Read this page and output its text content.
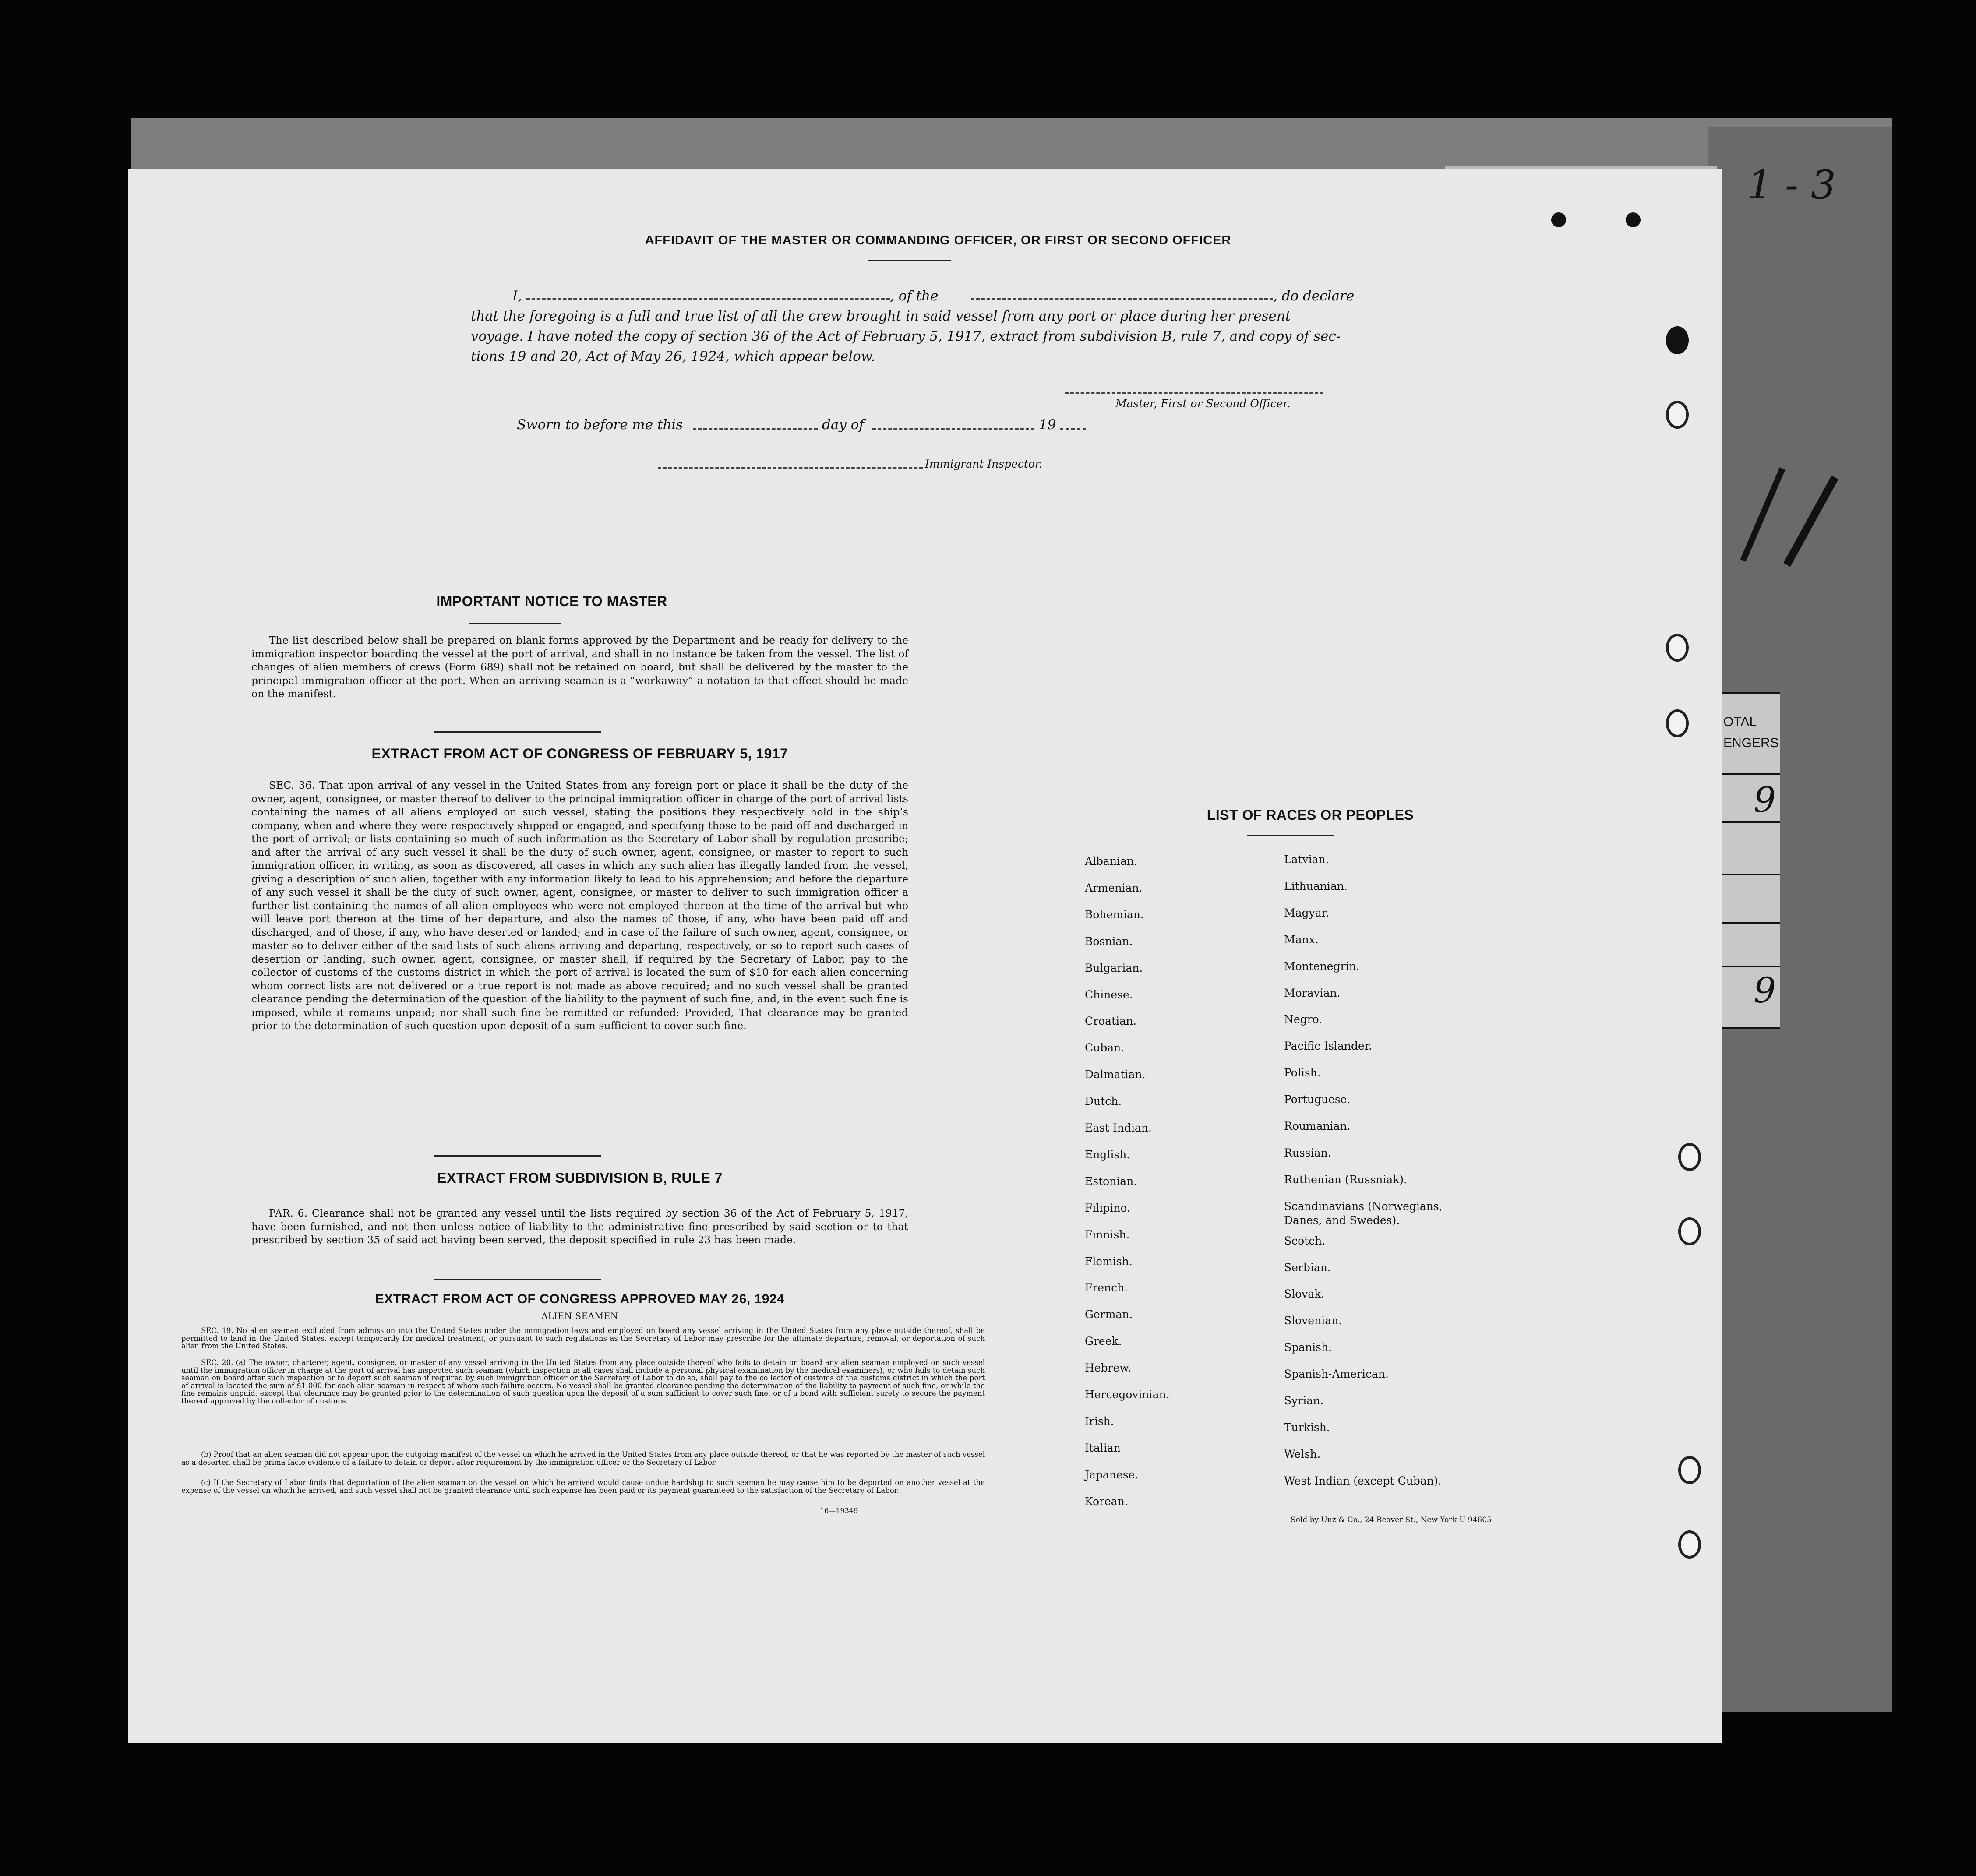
1 - 3
OTAL
ENGERS
9
9
AFFIDAVIT OF THE MASTER OR COMMANDING OFFICER, OR FIRST OR SECOND OFFICER
I,	, of the	, do declare
that the foregoing is a full and true list of all the crew brought in said vessel from any port or place during her present
voyage. I have noted the copy of section 36 of the Act of February 5, 1917, extract from subdivision B, rule 7, and copy of sec-
tions 19 and 20, Act of May 26, 1924, which appear below.
Master, First or Second Officer.
Sworn to before me this	day of	19
Immigrant Inspector.
IMPORTANT NOTICE TO MASTER
The list described below shall be prepared on blank forms approved by the Department and be ready for delivery to the immigration inspector boarding the vessel at the port of arrival, and shall in no instance be taken from the vessel. The list of changes of alien members of crews (Form 689) shall not be retained on board, but shall be delivered by the master to the principal immigration officer at the port. When an arriving seaman is a “workaway” a notation to that effect should be made on the manifest.
EXTRACT FROM ACT OF CONGRESS OF FEBRUARY 5, 1917
SEC. 36. That upon arrival of any vessel in the United States from any foreign port or place it shall be the duty of the owner, agent, consignee, or master thereof to deliver to the principal immigration officer in charge of the port of arrival lists containing the names of all aliens employed on such vessel, stating the positions they respectively hold in the ship’s company, when and where they were respectively shipped or engaged, and specifying those to be paid off and discharged in the port of arrival; or lists containing so much of such information as the Secretary of Labor shall by regulation prescribe; and after the arrival of any such vessel it shall be the duty of such owner, agent, consignee, or master to report to such immigration officer, in writing, as soon as discovered, all cases in which any such alien has illegally landed from the vessel, giving a description of such alien, together with any information likely to lead to his apprehension; and before the departure of any such vessel it shall be the duty of such owner, agent, consignee, or master to deliver to such immigration officer a further list containing the names of all alien employees who were not employed thereon at the time of the arrival but who will leave port thereon at the time of her departure, and also the names of those, if any, who have been paid off and discharged, and of those, if any, who have deserted or landed; and in case of the failure of such owner, agent, consignee, or master so to deliver either of the said lists of such aliens arriving and departing, respectively, or so to report such cases of desertion or landing, such owner, agent, consignee, or master shall, if required by the Secretary of Labor, pay to the collector of customs of the customs district in which the port of arrival is located the sum of $10 for each alien concerning whom correct lists are not delivered or a true report is not made as above required; and no such vessel shall be granted clearance pending the determination of the question of the liability to the payment of such fine, and, in the event such fine is imposed, while it remains unpaid; nor shall such fine be remitted or refunded: Provided, That clearance may be granted prior to the determination of such question upon deposit of a sum sufficient to cover such fine.
EXTRACT FROM SUBDIVISION B, RULE 7
PAR. 6. Clearance shall not be granted any vessel until the lists required by section 36 of the Act of February 5, 1917, have been furnished, and not then unless notice of liability to the administrative fine prescribed by said section or to that prescribed by section 35 of said act having been served, the deposit specified in rule 23 has been made.
EXTRACT FROM ACT OF CONGRESS APPROVED MAY 26, 1924
ALIEN SEAMEN
SEC. 19. No alien seaman excluded from admission into the United States under the immigration laws and employed on board any vessel arriving in the United States from any place outside thereof, shall be permitted to land in the United States, except temporarily for medical treatment, or pursuant to such regulations as the Secretary of Labor may prescribe for the ultimate departure, removal, or deportation of such alien from the United States.
SEC. 20. (a) The owner, charterer, agent, consignee, or master of any vessel arriving in the United States from any place outside thereof who fails to detain on board any alien seaman employed on such vessel until the immigration officer in charge at the port of arrival has inspected such seaman (which inspection in all cases shall include a personal physical examination by the medical examiners), or who fails to detain such seaman on board after such inspection or to deport such seaman if required by such immigration officer or the Secretary of Labor to do so, shall pay to the collector of customs of the customs district in which the port of arrival is located the sum of $1,000 for each alien seaman in respect of whom such failure occurs. No vessel shall be granted clearance pending the determination of the liability to payment of such fine, or while the fine remains unpaid, except that clearance may be granted prior to the determination of such question upon the deposit of a sum sufficient to cover such fine, or of a bond with sufficient surety to secure the payment thereof approved by the collector of customs.
(b) Proof that an alien seaman did not appear upon the outgoing manifest of the vessel on which he arrived in the United States from any place outside thereof, or that he was reported by the master of such vessel as a deserter, shall be prima facie evidence of a failure to detain or deport after requirement by the immigration officer or the Secretary of Labor.
(c) If the Secretary of Labor finds that deportation of the alien seaman on the vessel on which he arrived would cause undue hardship to such seaman he may cause him to be deported on another vessel at the expense of the vessel on which he arrived, and such vessel shall not be granted clearance until such expense has been paid or its payment guaranteed to the satisfaction of the Secretary of Labor.
16—19349
LIST OF RACES OR PEOPLES
Sold by Unz & Co., 24 Beaver St., New York U 94605
Albanian.
Armenian.
Bohemian.
Bosnian.
Bulgarian.
Chinese.
Croatian.
Cuban.
Dalmatian.
Dutch.
East Indian.
English.
Estonian.
Filipino.
Finnish.
Flemish.
French.
German.
Greek.
Hebrew.
Hercegovinian.
Irish.
Italian
Japanese.
Korean.
Latvian.
Lithuanian.
Magyar.
Manx.
Montenegrin.
Moravian.
Negro.
Pacific Islander.
Polish.
Portuguese.
Roumanian.
Russian.
Ruthenian (Russniak).
Scandinavians (Norwegians,
Danes, and Swedes).
Scotch.
Serbian.
Slovak.
Slovenian.
Spanish.
Spanish-American.
Syrian.
Turkish.
Welsh.
West Indian (except Cuban).
